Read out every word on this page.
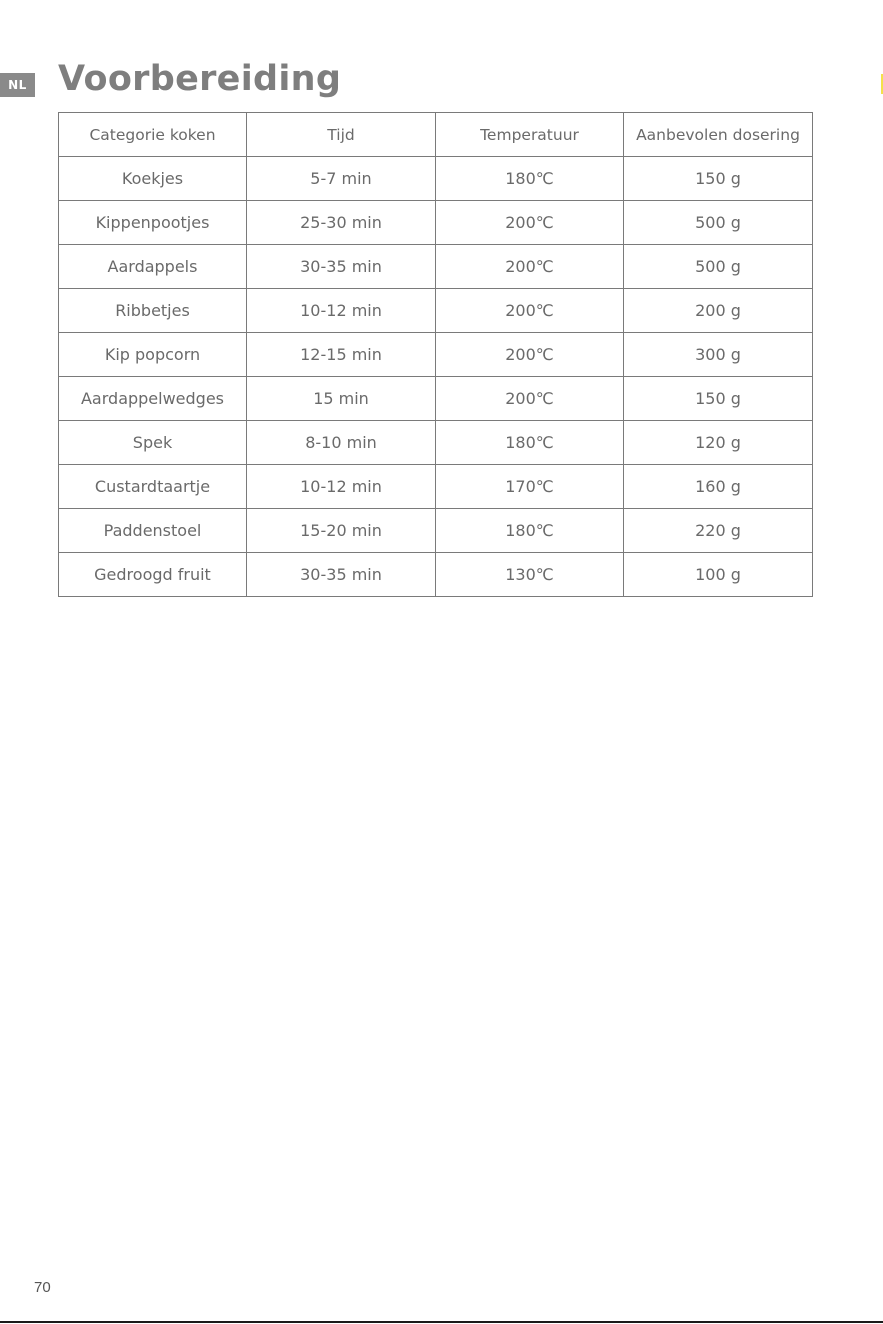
NL Voorbereiding
Categorie koken	Tijd	Temperatuur	Aanbevolen dosering
Koekjes	5-7 min	180℃	150 g
Kippenpootjes	25-30 min	200℃	500 g
Aardappels	30-35 min	200℃	500 g
Ribbetjes	10-12 min	200℃	200 g
Kip popcorn	12-15 min	200℃	300 g
Aardappelwedges	15 min	200℃	150 g
Spek	8-10 min	180℃	120 g
Custardtaartje	10-12 min	170℃	160 g
Paddenstoel	15-20 min	180℃	220 g
Gedroogd fruit	30-35 min	130℃	100 g
70
